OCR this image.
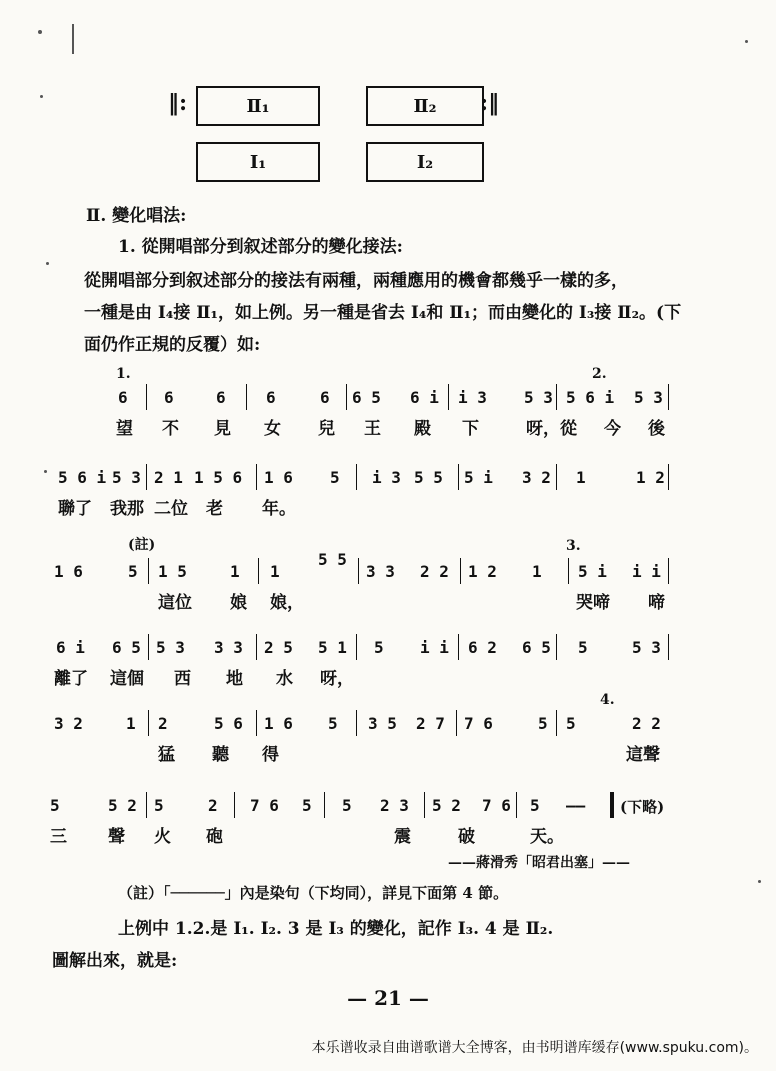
‖:	Ⅱ₁	Ⅱ₂	:‖
Ⅰ₁	Ⅰ₂
Ⅱ. 變化唱法:
1. 從開唱部分到叙述部分的變化接法:
從開唱部分到叙述部分的接法有兩種，兩種應用的機會都幾乎一樣的多，
一種是由 Ⅰ₄接 Ⅱ₁，如上例。另一種是省去 Ⅰ₄和 Ⅱ₁；而由變化的 Ⅰ₃接 Ⅱ₂。(下
面仍作正規的反覆）如:
1.	2.
6 6	6	6	6 6 5 6 i i 3 5 3 5 6 i 5 3
望 不 見 女 兒 王 殿 下	呀，從 今 後
5 6 i 5 3 2 1 1 5 6 1 6 5 i 3 5 5 5 i 3 2 1	1 2
聯了 我那 二位 老 年。
(註)	3.
1 6	5 1 5	1 1
5 5
3 3 2 2 1 2 1 5 i i i
這位 娘 娘，	哭啼 啼
6 i 6 5 5 3 3 3 2 5 5 1 5 i i 6 2 6 5 5	5 3
離了 這個 西 地 水 呀，
4.
3 2	1 2	5 6 1 6 5 3 5 2 7 7 6	5 5	2 2
猛 聽 得	這聲
5	5 2 5	2 7 6 5 5 2 3 5 2 7 6 5 —— (下略)
三 聲 火 砲	震	破	天。
——蔣滑秀「昭君出塞」——
（註）「──────」內是染句（下均同），詳見下面第 4 節。
上例中 1.2.是 Ⅰ₁. Ⅰ₂. 3 是 Ⅰ₃ 的變化，記作 Ⅰ₃. 4 是 Ⅱ₂.
圖解出來，就是:
— 21 —
本乐谱收录自曲谱歌谱大全博客，由书明谱库缓存(www.spuku.com)。
